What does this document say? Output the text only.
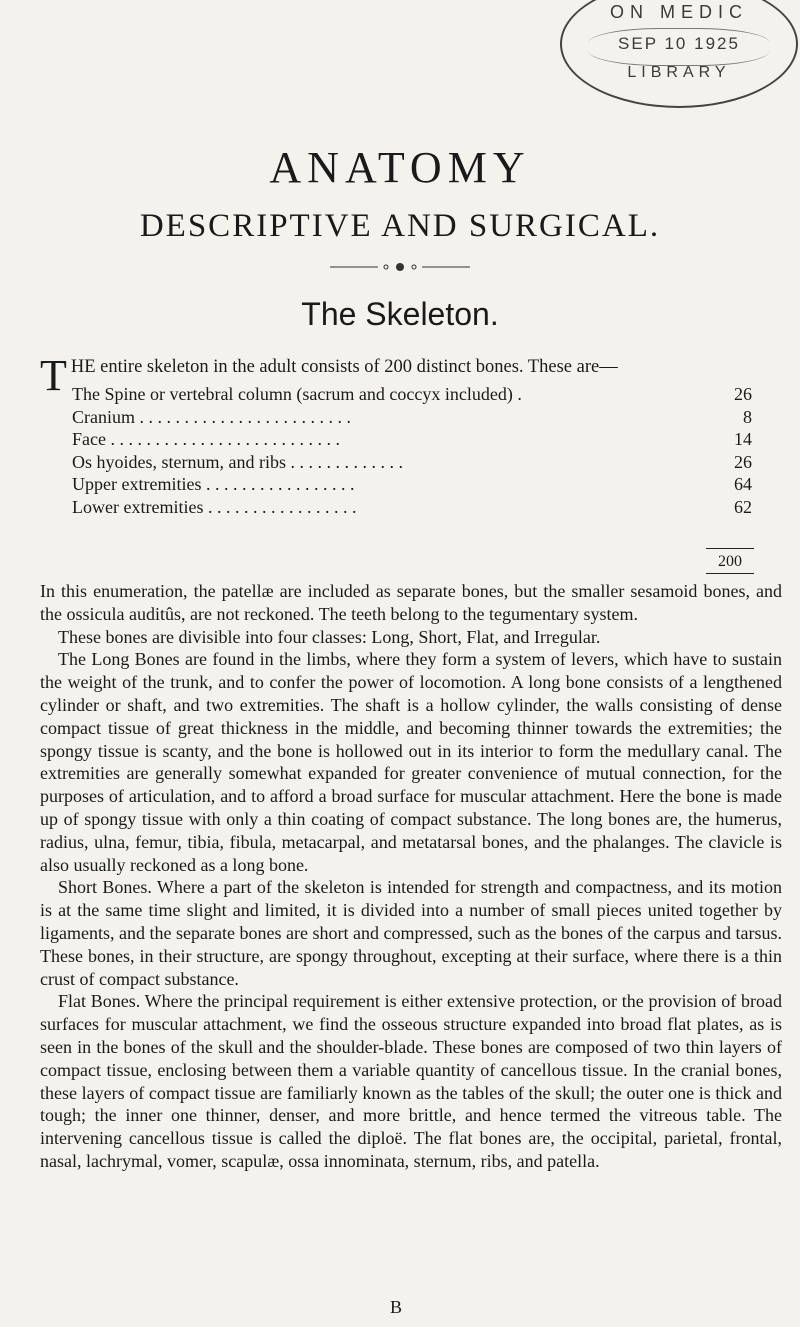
ON MEDIC
SEP 10 1925
LIBRARY
ANATOMY
DESCRIPTIVE AND SURGICAL.
The Skeleton.
T HE entire skeleton in the adult consists of 200 distinct bones. These are—
The Spine or vertebral column (sacrum and coccyx included) .	26
Cranium . . . . . . . . . . . . . . . . . . . . . . . .	8
Face . . . . . . . . . . . . . . . . . . . . . . . . . .	14
Os hyoides, sternum, and ribs . . . . . . . . . . . . .	26
Upper extremities . . . . . . . . . . . . . . . . .	64
Lower extremities . . . . . . . . . . . . . . . . .	62
200

In this enumeration, the patellæ are included as separate bones, but the smaller sesamoid bones, and the ossicula auditûs, are not reckoned. The teeth belong to the tegumentary system.

These bones are divisible into four classes: Long, Short, Flat, and Irregular.

The Long Bones are found in the limbs, where they form a system of levers, which have to sustain the weight of the trunk, and to confer the power of locomotion. A long bone consists of a lengthened cylinder or shaft, and two extremities. The shaft is a hollow cylinder, the walls consisting of dense compact tissue of great thickness in the middle, and becoming thinner towards the extremities; the spongy tissue is scanty, and the bone is hollowed out in its interior to form the medullary canal. The extremities are generally somewhat expanded for greater convenience of mutual connection, for the purposes of articulation, and to afford a broad surface for muscular attachment. Here the bone is made up of spongy tissue with only a thin coating of compact substance. The long bones are, the humerus, radius, ulna, femur, tibia, fibula, metacarpal, and metatarsal bones, and the phalanges. The clavicle is also usually reckoned as a long bone.

Short Bones. Where a part of the skeleton is intended for strength and compactness, and its motion is at the same time slight and limited, it is divided into a number of small pieces united together by ligaments, and the separate bones are short and compressed, such as the bones of the carpus and tarsus. These bones, in their structure, are spongy throughout, excepting at their surface, where there is a thin crust of compact substance.

Flat Bones. Where the principal requirement is either extensive protection, or the provision of broad surfaces for muscular attachment, we find the osseous structure expanded into broad flat plates, as is seen in the bones of the skull and the shoulder-blade. These bones are composed of two thin layers of compact tissue, enclosing between them a variable quantity of cancellous tissue. In the cranial bones, these layers of compact tissue are familiarly known as the tables of the skull; the outer one is thick and tough; the inner one thinner, denser, and more brittle, and hence termed the vitreous table. The intervening cancellous tissue is called the diploë. The flat bones are, the occipital, parietal, frontal, nasal, lachrymal, vomer, scapulæ, ossa innominata, sternum, ribs, and patella.

B
